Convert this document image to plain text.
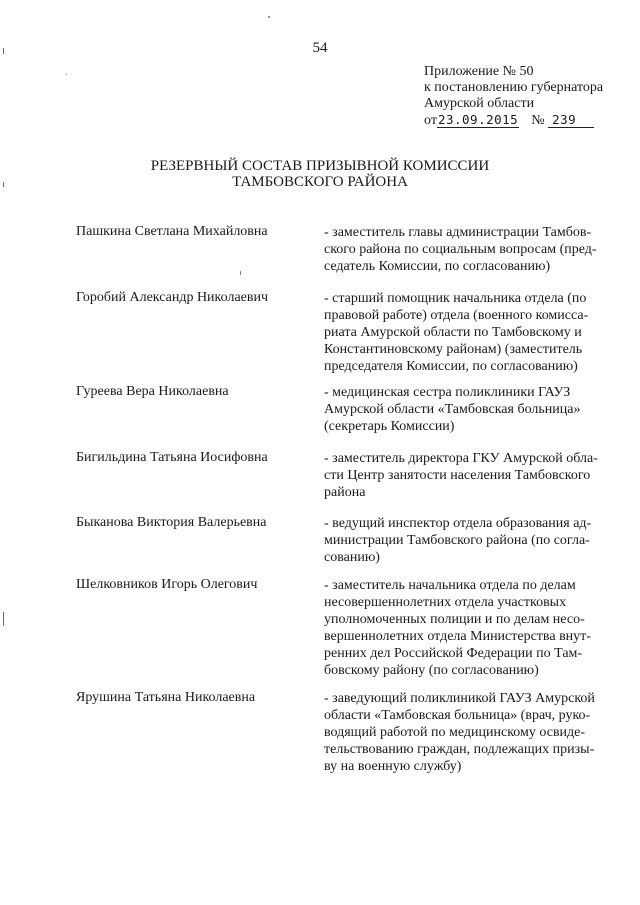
54
Приложение № 50
к постановлению губернатора
Амурской области
от23.09.2015 № 239
РЕЗЕРВНЫЙ СОСТАВ ПРИЗЫВНОЙ КОМИССИИ
ТАМБОВСКОГО РАЙОНА
Пашкина Светлана Михайловна	- заместитель главы администрации Тамбов-
ского района по социальным вопросам (пред-
седатель Комиссии, по согласованию)
Горобий Александр Николаевич	- старший помощник начальника отдела (по
правовой работе) отдела (военного комисса-
риата Амурской области по Тамбовскому и
Константиновскому районам) (заместитель
председателя Комиссии, по согласованию)
Гуреева Вера Николаевна	- медицинская сестра поликлиники ГАУЗ
Амурской области «Тамбовская больница»
(секретарь Комиссии)
Бигильдина Татьяна Иосифовна	- заместитель директора ГКУ Амурской обла-
сти Центр занятости населения Тамбовского
района
Быканова Виктория Валерьевна	- ведущий инспектор отдела образования ад-
министрации Тамбовского района (по согла-
сованию)
Шелковников Игорь Олегович	- заместитель начальника отдела по делам
несовершеннолетних отдела участковых
уполномоченных полиции и по делам несо-
вершеннолетних отдела Министерства внут-
ренних дел Российской Федерации по Там-
бовскому району (по согласованию)
Ярушина Татьяна Николаевна	- заведующий поликлиникой ГАУЗ Амурской
области «Тамбовская больница» (врач, руко-
водящий работой по медицинскому освиде-
тельствованию граждан, подлежащих призы-
ву на военную службу)
